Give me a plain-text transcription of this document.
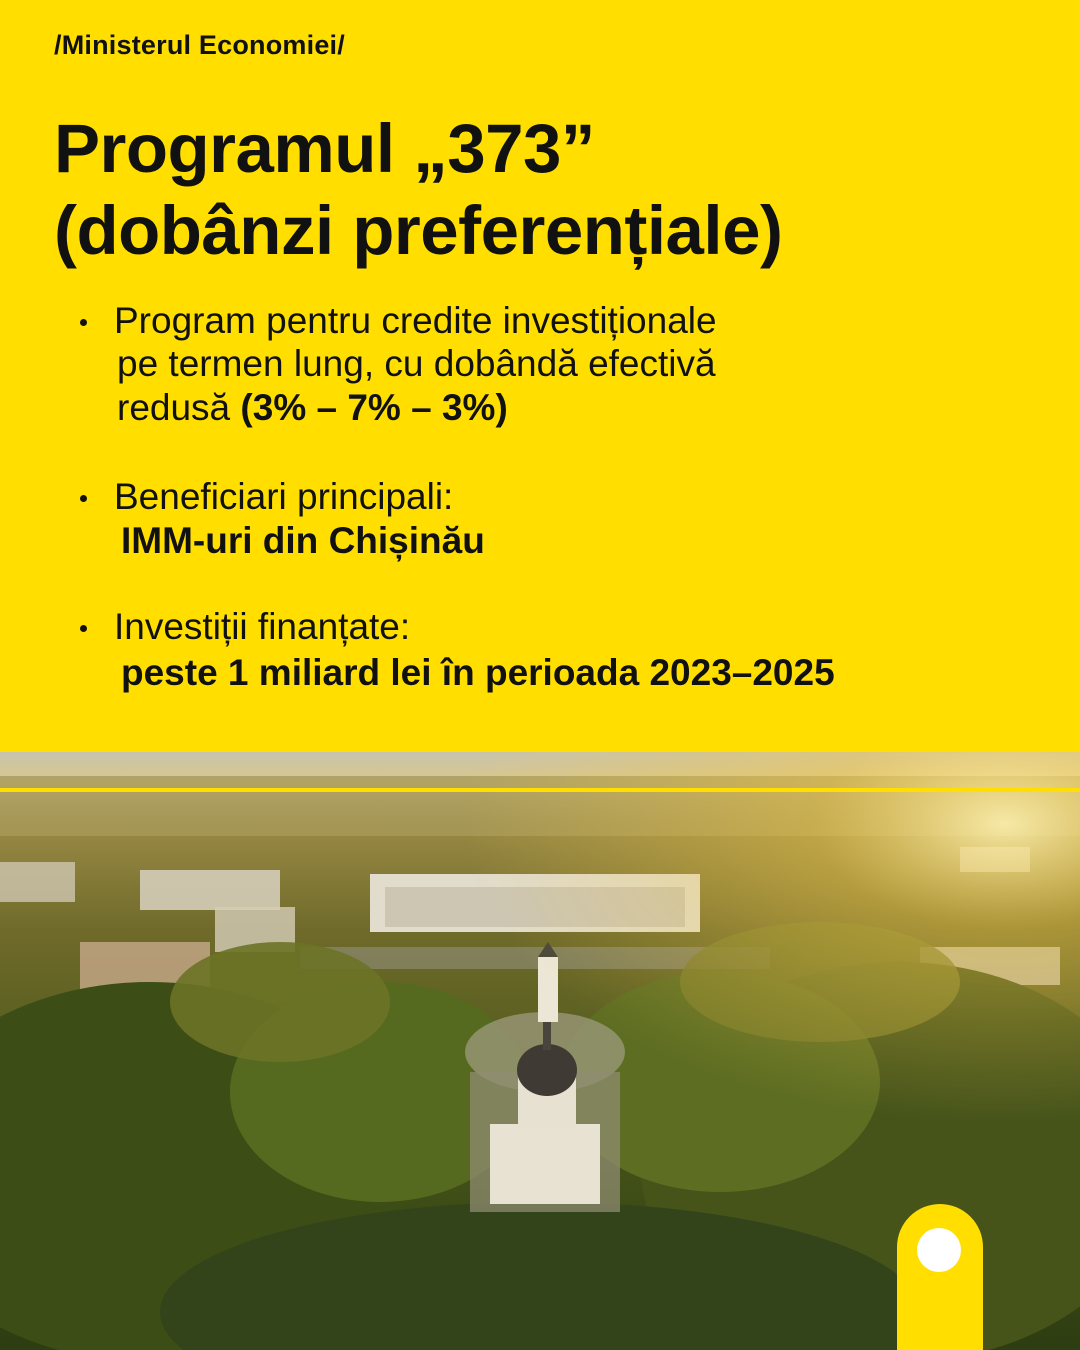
/Ministerul Economiei/
Programul „373”
(dobânzi preferențiale)
Program pentru credite investiționale
pe termen lung, cu dobândă efectivă
redusă (3% – 7% – 3%)
Beneficiari principali:
IMM-uri din Chișinău
Investiții finanțate:
peste 1 miliard lei în perioada 2023–2025
